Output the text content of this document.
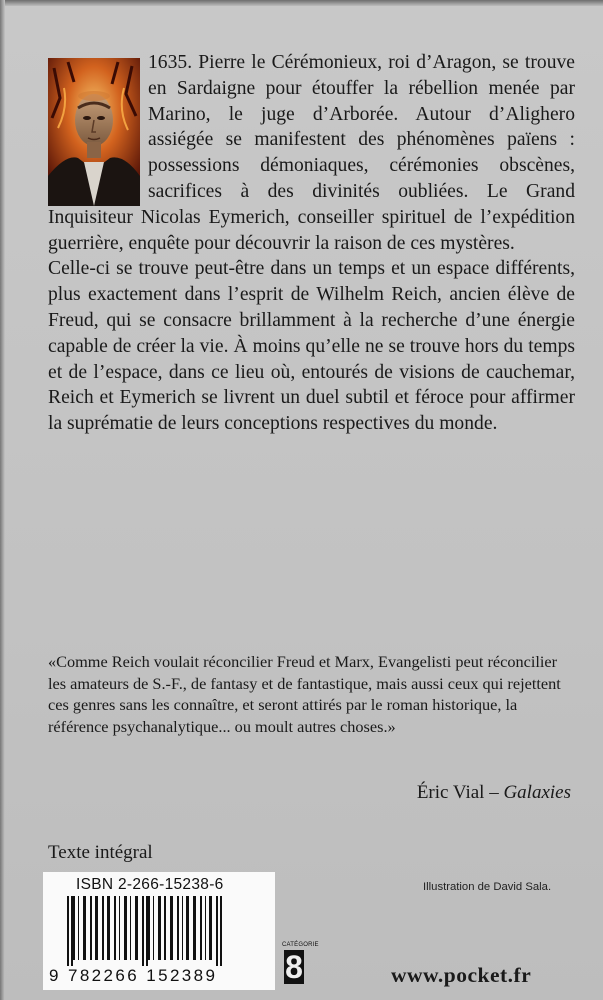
1635. Pierre le Cérémonieux, roi d’Aragon, se trouve en Sardaigne pour étouffer la rébellion menée par Marino, le juge d’Arborée. Autour d’Alighero assiégée se manifestent des phénomènes païens : possessions démoniaques, cérémonies obscènes, sacrifices à des divinités oubliées. Le Grand Inquisiteur Nicolas Eymerich, conseiller spirituel de l’expédition guerrière, enquête pour découvrir la raison de ces mystères.

Celle-ci se trouve peut-être dans un temps et un espace différents, plus exactement dans l’esprit de Wilhelm Reich, ancien élève de Freud, qui se consacre brillamment à la recherche d’une énergie capable de créer la vie. À moins qu’elle ne se trouve hors du temps et de l’espace, dans ce lieu où, entourés de visions de cauchemar, Reich et Eymerich se livrent un duel subtil et féroce pour affirmer la suprématie de leurs conceptions respectives du monde.

«Comme Reich voulait réconcilier Freud et Marx, Evangelisti peut réconcilier les amateurs de S.-F., de fantasy et de fantastique, mais aussi ceux qui rejettent ces genres sans les connaître, et seront attirés par le roman historique, la référence psychanalytique... ou moult autres choses.»
Éric Vial – Galaxies
Texte intégral
ISBN 2-266-15238-6
9 782266 152389
Illustration de David Sala.
CATÉGORIE
8	www.pocket.fr
